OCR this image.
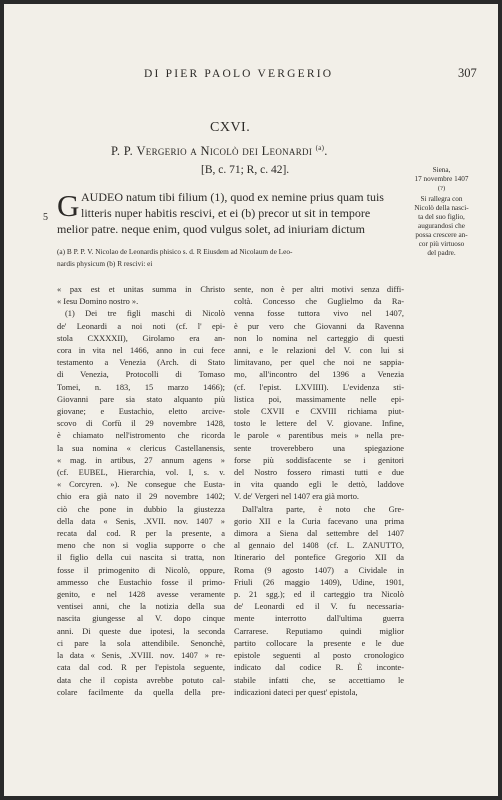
DI PIER PAOLO VERGERIO	307
CXVI.
P. P. Vergerio a Nicolò dei Leonardi $^{(a)}$.
[B, c. 71; R, c. 42].	Siena,
17 novembre 1407
(?)
Si rallegra con
Nicolò della nasci-
ta del suo figlio,
augurandosi che
possa crescere an-
cor più virtuoso
del padre.
5 G AUDEO natum tibi filium (1), quod ex nemine prius quam tuis
litteris nuper habitis rescivi, et ei (b) precor ut sit in tempore
melior patre. neque enim, quod vulgus solet, ad iniuriam dictum
(a) B P. P. V. Nicolao de Leonardis phisico s. d. R Eiusdem ad Nicolaum de Leo-
nardis physicum (b) R rescivi: ei
« pax est et unitas summa in Christo
« Iesu Domino nostro ».
(1) Dei tre figli maschi di Nicolò
de' Leonardi a noi noti (cf. l' epi-
stola CXXXXII), Girolamo era an-
cora in vita nel 1466, anno in cui fece
testamento a Venezia (Arch. di Stato
di Venezia, Protocolli di Tomaso
Tomei, n. 183, 15 marzo 1466);
Giovanni pare sia stato alquanto più
giovane; e Eustachio, eletto arcive-
scovo di Corfù il 29 novembre 1428,
è chiamato nell'istromento che ricorda
la sua nomina « clericus Castellanensis,
« mag. in artibus, 27 annum agens »
(cf. EUBEL, Hierarchia, vol. I, s. v.
« Corcyren. »). Ne consegue che Eusta-
chio era già nato il 29 novembre 1402;
ciò che pone in dubbio la giustezza
della data « Senis, .XVII. nov. 1407 »
recata dal cod. R per la presente, a
meno che non si voglia supporre o che
il figlio della cui nascita si tratta, non
fosse il primogenito di Nicolò, oppure,
ammesso che Eustachio fosse il primo-
genito, e nel 1428 avesse veramente
ventisei anni, che la notizia della sua
nascita giungesse al V. dopo cinque
anni. Di queste due ipotesi, la seconda
ci pare la sola attendibile. Senonchè,
la data « Senis, .XVIII. nov. 1407 » re-
cata dal cod. R per l'epistola seguente,
data che il copista avrebbe potuto cal-
colare facilmente da quella della pre-
sente, non è per altri motivi senza diffi-
coltà. Concesso che Guglielmo da Ra-
venna fosse tuttora vivo nel 1407,
è pur vero che Giovanni da Ravenna
non lo nomina nel carteggio di questi
anni, e le relazioni del V. con lui si
limitavano, per quel che noi ne sappia-
mo, all'incontro del 1396 a Venezia
(cf. l'epist. LXVIIII). L'evidenza sti-
listica poi, massimamente nelle epi-
stole CXVII e CXVIII richiama piut-
tosto le lettere del V. giovane. Infine,
le parole « parentibus meis » nella pre-
sente troverebbero una spiegazione
forse più soddisfacente se i genitori
del Nostro fossero rimasti tutti e due
in vita quando egli le dettò, laddove
V. de' Vergeri nel 1407 era già morto.
Dall'altra parte, è noto che Gre-
gorio XII e la Curia facevano una prima
dimora a Siena dal settembre del 1407
al gennaio del 1408 (cf. L. ZANUTTO,
Itinerario del pontefice Gregorio XII da
Roma (9 agosto 1407) a Cividale in
Friuli (26 maggio 1409), Udine, 1901,
p. 21 sgg.); ed il carteggio tra Nicolò
de' Leonardi ed il V. fu necessaria-
mente interrotto dall'ultima guerra
Carrarese. Reputiamo quindi miglior
partito collocare la presente e le due
epistole seguenti al posto cronologico
indicato dal codice R. È inconte-
stabile infatti che, se accettiamo le
indicazioni dateci per quest' epistola,
